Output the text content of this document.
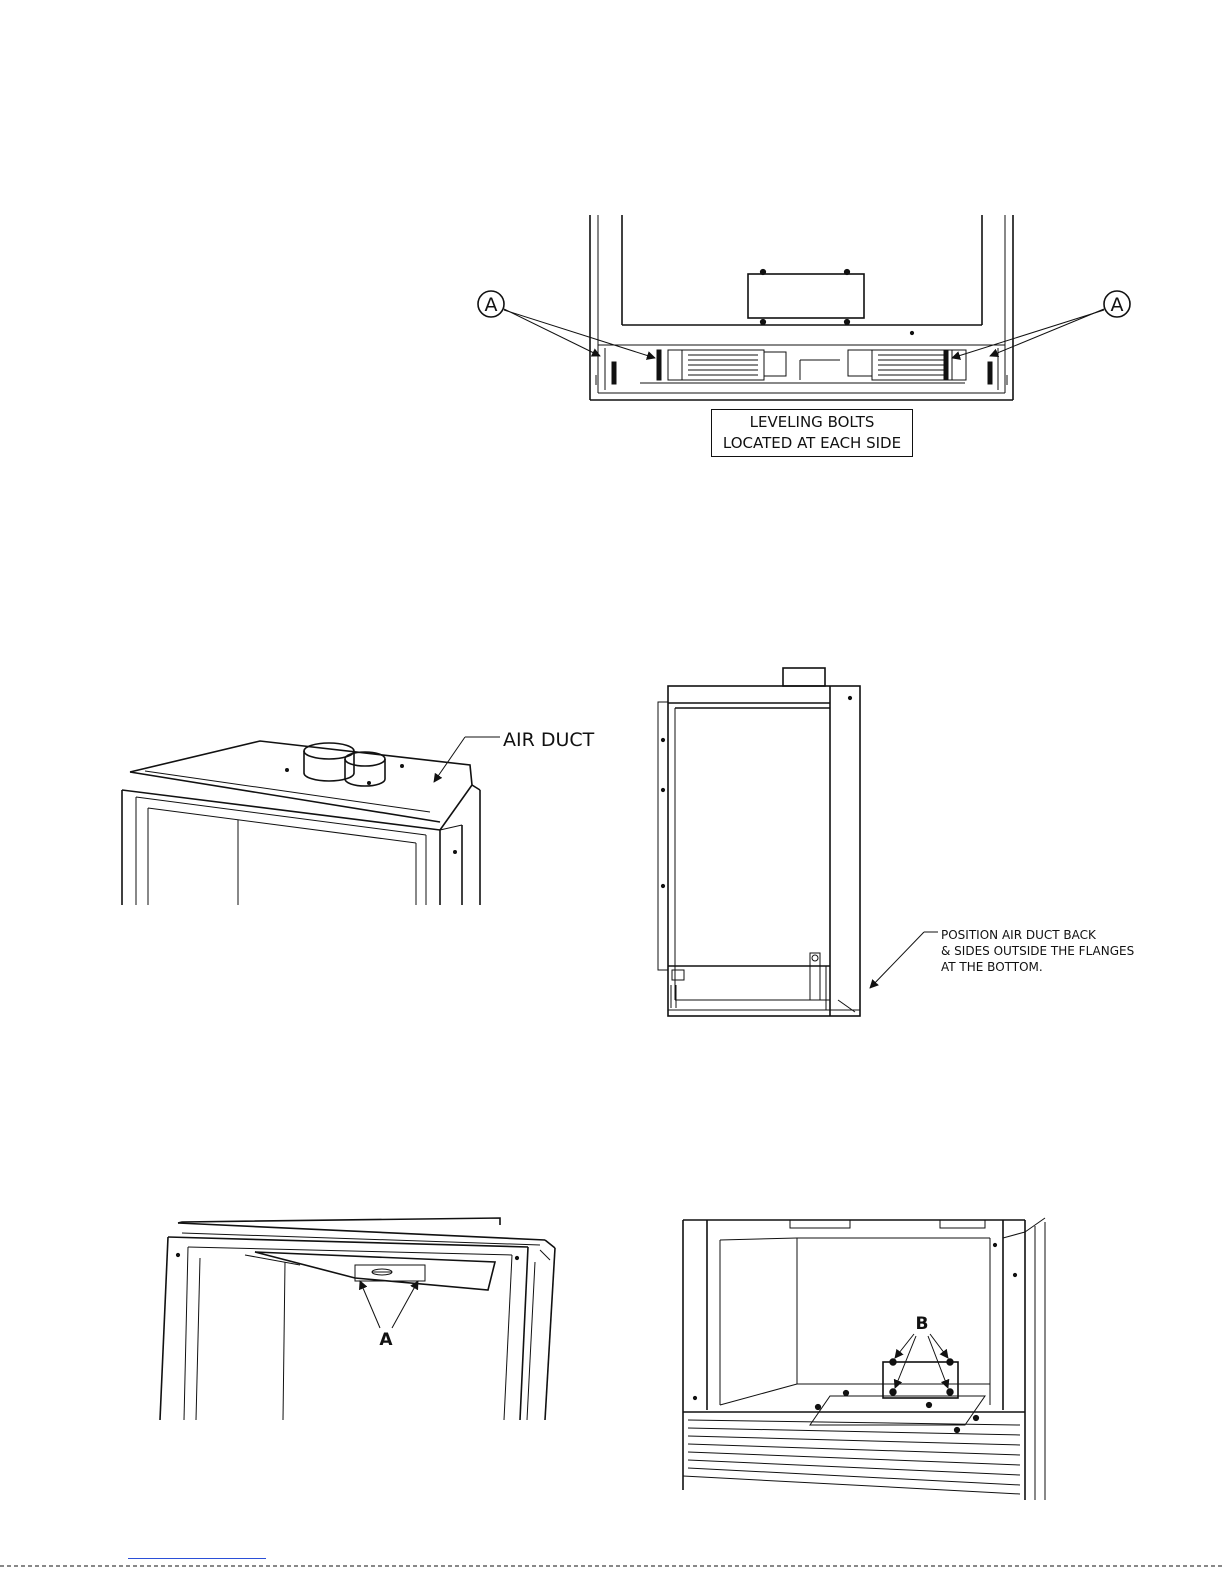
A	A
AIR DUCT
A
B
LEVELING BOLTS
LOCATED AT EACH SIDE
POSITION AIR DUCT BACK
& SIDES OUTSIDE THE FLANGES
AT THE BOTTOM.
